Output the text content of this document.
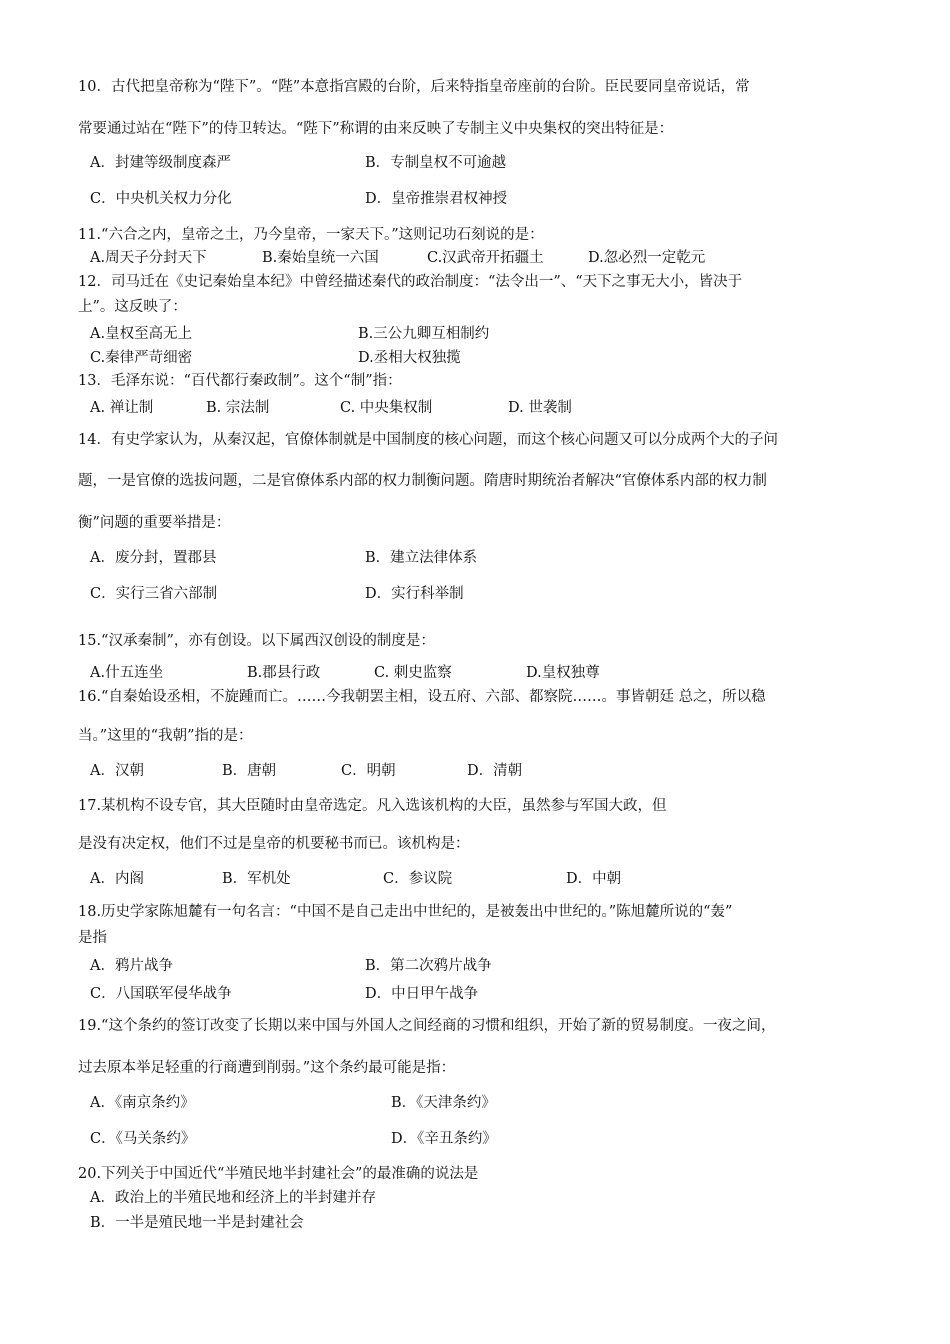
10．古代把皇帝称为“陛下”。“陛”本意指宫殿的台阶，后来特指皇帝座前的台阶。臣民要同皇帝说话，常
常要通过站在“陛下”的侍卫转达。“陛下”称谓的由来反映了专制主义中央集权的突出特征是：
A．封建等级制度森严	B．专制皇权不可逾越
C．中央机关权力分化	D．皇帝推崇君权神授
11.“六合之内，皇帝之土，乃今皇帝，一家天下。”这则记功石刻说的是：
A.周天子分封天下	B.秦始皇统一六国	C.汉武帝开拓疆土	D.忽必烈一定乾元
12．司马迁在《史记秦始皇本纪》中曾经描述秦代的政治制度：“法令出一”、“天下之事无大小，皆决于
上”。这反映了：
A.皇权至高无上	B.三公九卿互相制约
C.秦律严苛细密	D.丞相大权独揽
13．毛泽东说：“百代都行秦政制”。这个“制”指：
A. 禅让制	B. 宗法制	C. 中央集权制	D. 世袭制
14．有史学家认为，从秦汉起，官僚体制就是中国制度的核心问题，而这个核心问题又可以分成两个大的子问
题，一是官僚的选拔问题，二是官僚体系内部的权力制衡问题。隋唐时期统治者解决“官僚体系内部的权力制
衡”问题的重要举措是：
A．废分封，置郡县	B．建立法律体系
C．实行三省六部制	D．实行科举制
15.“汉承秦制”，亦有创设。以下属西汉创设的制度是：
A.什五连坐	B.郡县行政	C. 刺史监察	D.皇权独尊
16.“自秦始设丞相，不旋踵而亡。……今我朝罢主相，设五府、六部、都察院……。事皆朝廷 总之，所以稳
当。”这里的“我朝”指的是：
A．汉朝	B．唐朝	C．明朝	D．清朝
17.某机构不设专官，其大臣随时由皇帝选定。凡入选该机构的大臣，虽然参与军国大政，但
是没有决定权，他们不过是皇帝的机要秘书而已。该机构是：
A．内阁	B．军机处	C．参议院	D．中朝
18.历史学家陈旭麓有一句名言：“中国不是自己走出中世纪的，是被轰出中世纪的。”陈旭麓所说的“轰”
是指
A．鸦片战争	B．第二次鸦片战争
C．八国联军侵华战争	D．中日甲午战争
19.“这个条约的签订改变了长期以来中国与外国人之间经商的习惯和组织，开始了新的贸易制度。一夜之间，
过去原本举足轻重的行商遭到削弱。”这个条约最可能是指：
A．《南京条约》	B．《天津条约》
C．《马关条约》	D．《辛丑条约》
20.下列关于中国近代“半殖民地半封建社会”的最准确的说法是
A．政治上的半殖民地和经济上的半封建并存
B．一半是殖民地一半是封建社会
